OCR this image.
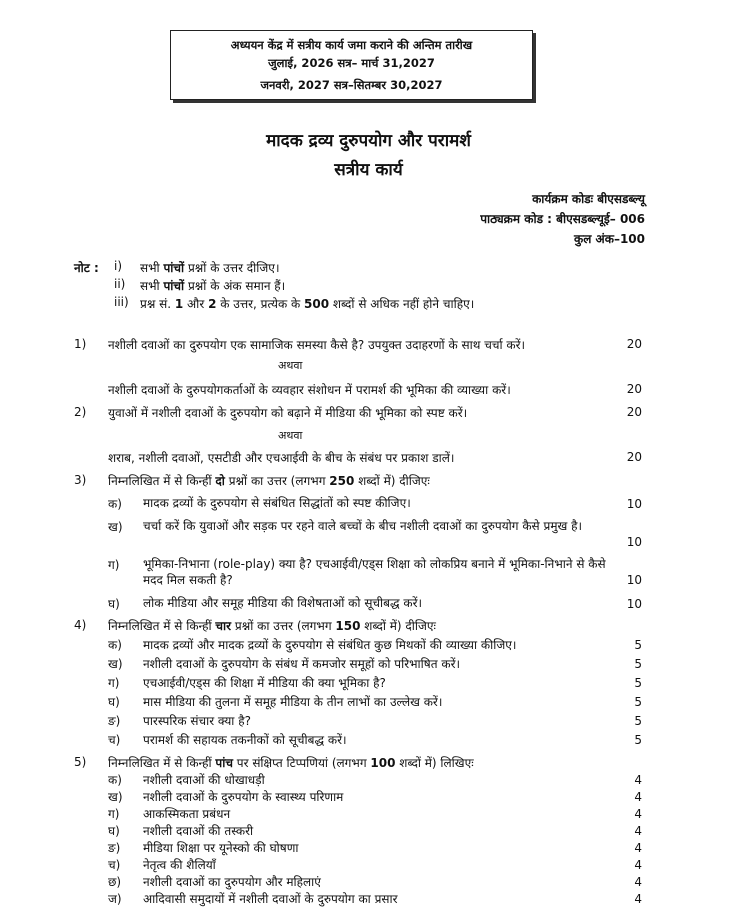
अध्ययन केंद्र में सत्रीय कार्य जमा कराने की अन्तिम तारीख
जुलाई, 2026 सत्र– मार्च 31,2027
जनवरी, 2027 सत्र–सितम्बर 30,2027
मादक द्रव्य दुरुपयोग और परामर्श
सत्रीय कार्य
कार्यक्रम कोडः बीएसडब्ल्यू
पाठ्यक्रम कोड : बीएसडब्ल्यूई– 006
कुल अंक–100
नोट : i) सभी पांचों प्रश्नों के उत्तर दीजिए।
ii) सभी पांचों प्रश्नों के अंक समान हैं।
iii) प्रश्न सं. 1 और 2 के उत्तर, प्रत्येक के 500 शब्दों से अधिक नहीं होने चाहिए।
1) नशीली दवाओं का दुरुपयोग एक सामाजिक समस्या कैसे है? उपयुक्त उदाहरणों के साथ चर्चा करें।	20
अथवा
नशीली दवाओं के दुरुपयोगकर्ताओं के व्यवहार संशोधन में परामर्श की भूमिका की व्याख्या करें।	20
2) युवाओं में नशीली दवाओं के दुरुपयोग को बढ़ाने में मीडिया की भूमिका को स्पष्ट करें।	20
अथवा
शराब, नशीली दवाओं, एसटीडी और एचआईवी के बीच के संबंध पर प्रकाश डालें।	20
3) निम्नलिखित में से किन्हीं दो प्रश्नों का उत्तर (लगभग 250 शब्दों में) दीजिएः
क) मादक द्रव्यों के दुरुपयोग से संबंधित सिद्धांतों को स्पष्ट कीजिए।	10
ख) चर्चा करें कि युवाओं और सड़क पर रहने वाले बच्चों के बीच नशीली दवाओं का दुरुपयोग कैसे प्रमुख है।
10
ग) भूमिका-निभाना (role-play) क्या है? एचआईवी/एड्स शिक्षा को लोकप्रिय बनाने में भूमिका-निभाने से कैसे
मदद मिल सकती है?	10
घ) लोक मीडिया और समूह मीडिया की विशेषताओं को सूचीबद्ध करें।	10
4) निम्नलिखित में से किन्हीं चार प्रश्नों का उत्तर (लगभग 150 शब्दों में) दीजिएः
क) मादक द्रव्यों और मादक द्रव्यों के दुरुपयोग से संबंधित कुछ मिथकों की व्याख्या कीजिए।	5
ख) नशीली दवाओं के दुरुपयोग के संबंध में कमजोर समूहों को परिभाषित करें।	5
ग) एचआईवी/एड्स की शिक्षा में मीडिया की क्या भूमिका है?	5
घ) मास मीडिया की तुलना में समूह मीडिया के तीन लाभों का उल्लेख करें।	5
ङ) पारस्परिक संचार क्या है?	5
च) परामर्श की सहायक तकनीकों को सूचीबद्ध करें।	5
5) निम्नलिखित में से किन्हीं पांच पर संक्षिप्त टिप्पणियां (लगभग 100 शब्दों में) लिखिएः
क) नशीली दवाओं की धोखाधड़ी	4
ख) नशीली दवाओं के दुरुपयोग के स्वास्थ्य परिणाम	4
ग) आकस्मिकता प्रबंधन	4
घ) नशीली दवाओं की तस्करी	4
ङ) मीडिया शिक्षा पर यूनेस्को की घोषणा	4
च) नेतृत्व की शैलियाँ	4
छ) नशीली दवाओं का दुरुपयोग और महिलाएं	4
ज) आदिवासी समुदायों में नशीली दवाओं के दुरुपयोग का प्रसार	4
